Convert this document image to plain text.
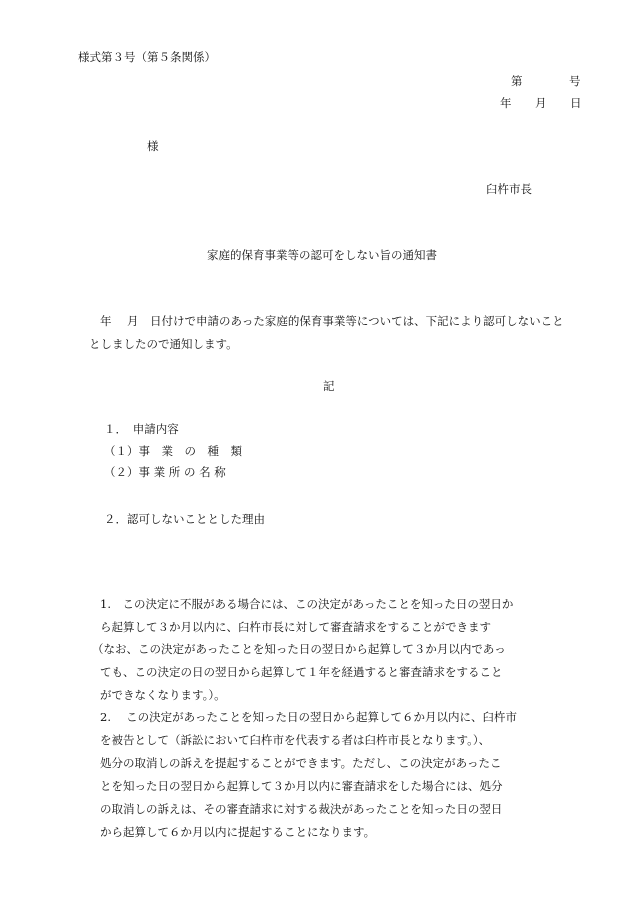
様式第３号（第５条関係）
第	号
年 月 日
様
臼杵市長
家庭的保育事業等の認可をしない旨の通知書
年 月 日付けで申請のあった家庭的保育事業等については、下記により認可しないこと
としましたので通知します。
記
１．　申請内容
（１）事　業　の　種　類
（２）事 業 所 の 名 称
２．認可しないこととした理由
1.　この決定に不服がある場合には、この決定があったことを知った日の翌日か
ら起算して３か月以内に、臼杵市長に対して審査請求をすることができます
（なお、この決定があったことを知った日の翌日から起算して３か月以内であっ
ても、この決定の日の翌日から起算して１年を経過すると審査請求をすること
ができなくなります。）。
2.　 この決定があったことを知った日の翌日から起算して６か月以内に、臼杵市
を被告として（訴訟において臼杵市を代表する者は臼杵市長となります。）、
処分の取消しの訴えを提起することができます。ただし、この決定があったこ
とを知った日の翌日から起算して３か月以内に審査請求をした場合には、処分
の取消しの訴えは、その審査請求に対する裁決があったことを知った日の翌日
から起算して６か月以内に提起することになります。
